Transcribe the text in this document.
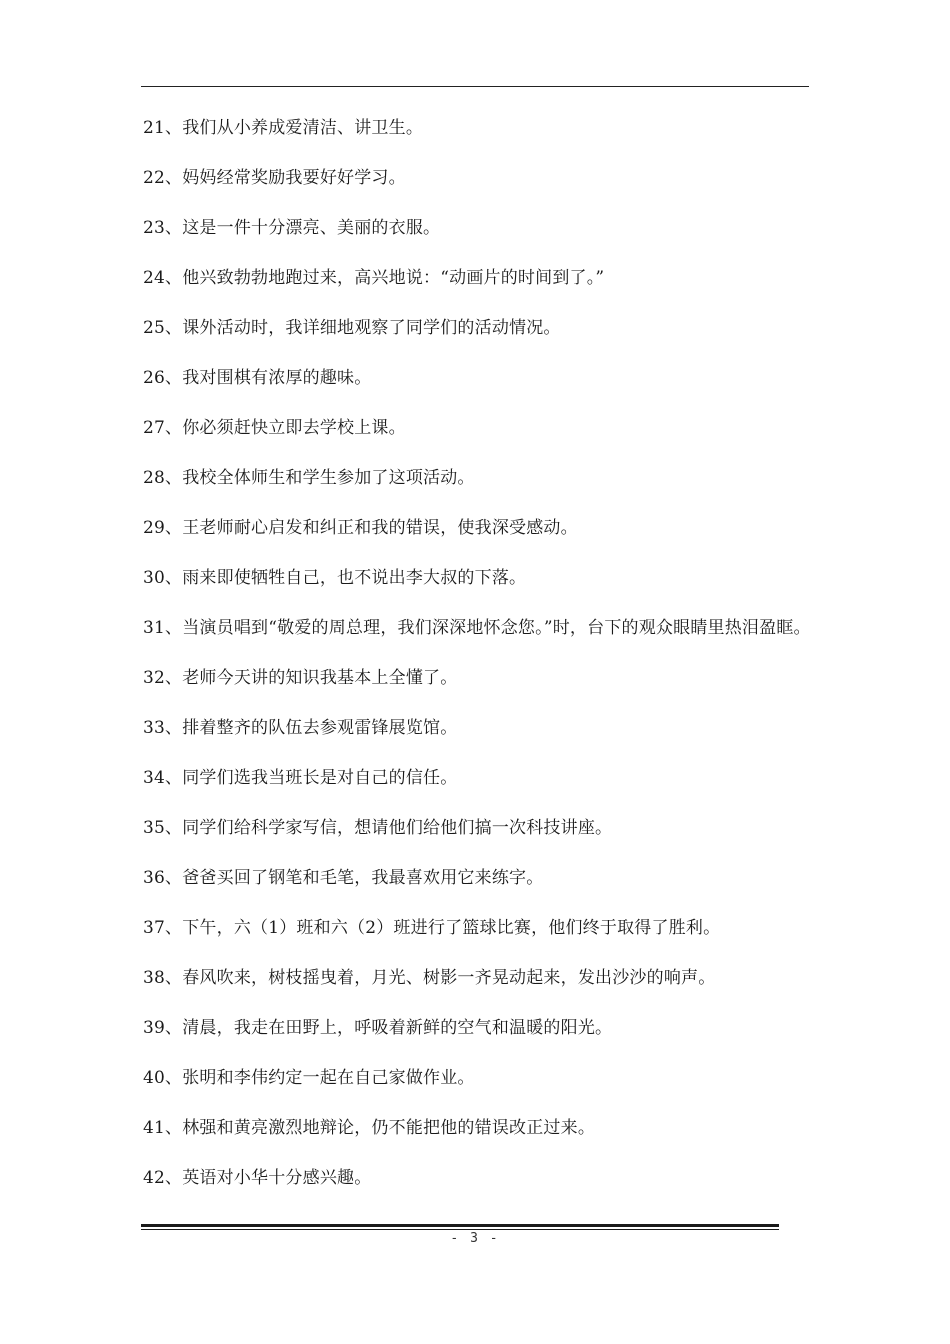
21、我们从小养成爱清洁、讲卫生。
22、妈妈经常奖励我要好好学习。
23、这是一件十分漂亮、美丽的衣服。
24、他兴致勃勃地跑过来，高兴地说：“动画片的时间到了。”
25、课外活动时，我详细地观察了同学们的活动情况。
26、我对围棋有浓厚的趣味。
27、你必须赶快立即去学校上课。
28、我校全体师生和学生参加了这项活动。
29、王老师耐心启发和纠正和我的错误，使我深受感动。
30、雨来即使牺牲自己，也不说出李大叔的下落。
31、当演员唱到“敬爱的周总理，我们深深地怀念您。”时，台下的观众眼睛里热泪盈眶。
32、老师今天讲的知识我基本上全懂了。
33、排着整齐的队伍去参观雷锋展览馆。
34、同学们选我当班长是对自己的信任。
35、同学们给科学家写信，想请他们给他们搞一次科技讲座。
36、爸爸买回了钢笔和毛笔，我最喜欢用它来练字。
37、下午，六（1）班和六（2）班进行了篮球比赛，他们终于取得了胜利。
38、春风吹来，树枝摇曳着，月光、树影一齐晃动起来，发出沙沙的响声。
39、清晨，我走在田野上，呼吸着新鲜的空气和温暖的阳光。
40、张明和李伟约定一起在自己家做作业。
41、林强和黄亮激烈地辩论，仍不能把他的错误改正过来。
42、英语对小华十分感兴趣。
- 3 -
